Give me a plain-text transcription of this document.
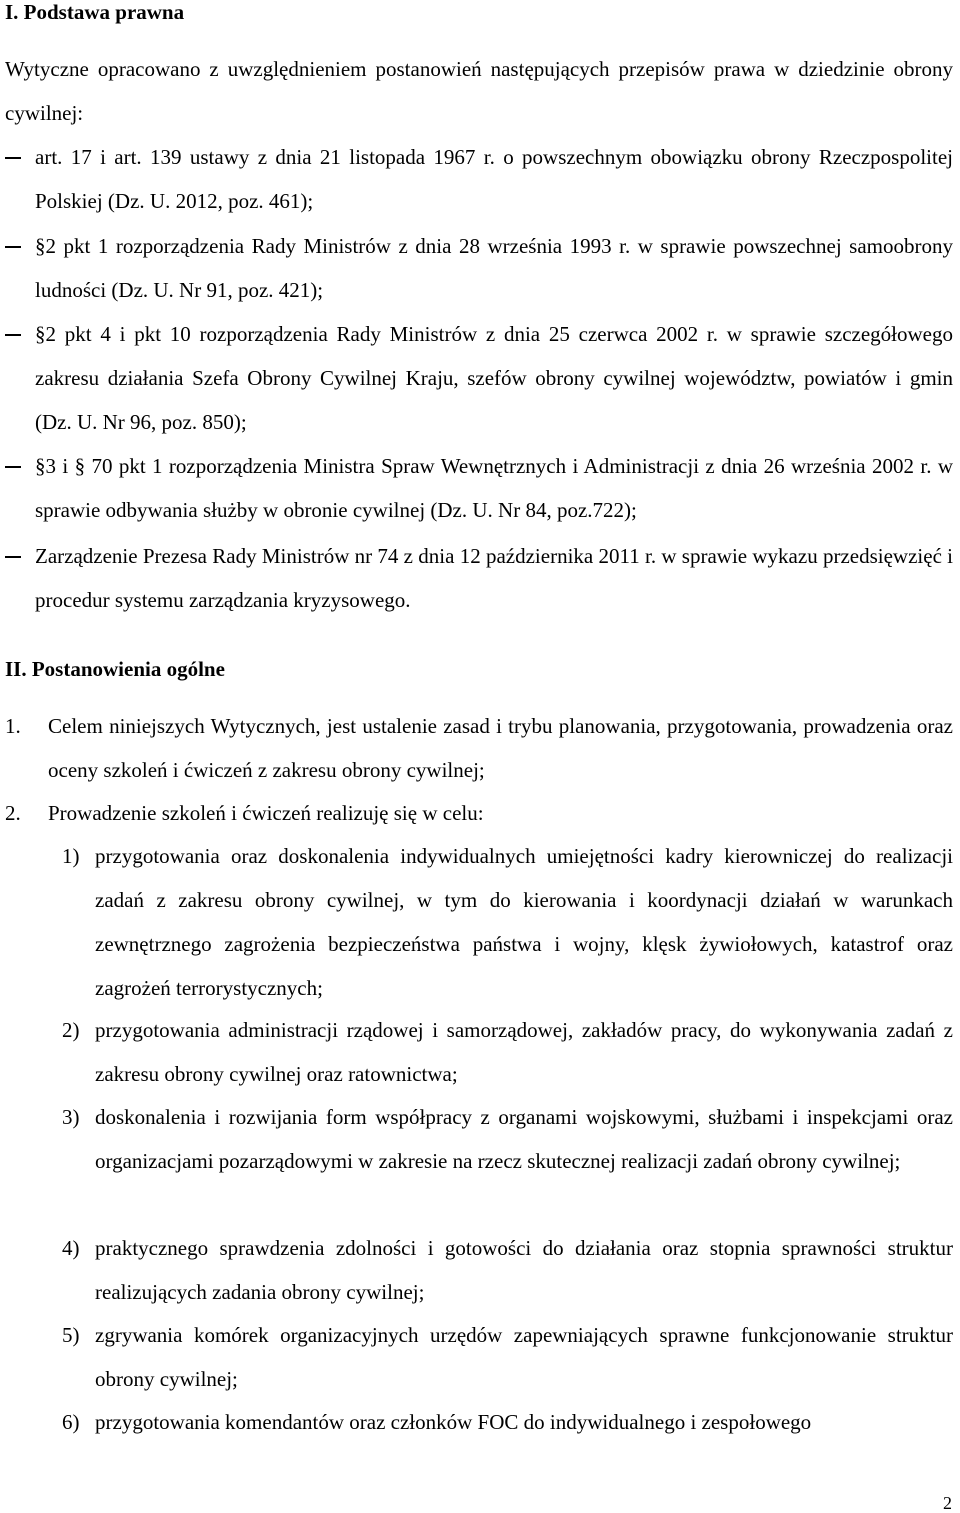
I. Podstawa prawna
Wytyczne opracowano z uwzględnieniem postanowień następujących przepisów prawa w dziedzinie obrony cywilnej:
art. 17 i art. 139 ustawy z dnia 21 listopada 1967 r. o powszechnym obowiązku obrony Rzeczpospolitej Polskiej (Dz. U. 2012, poz. 461);
§2 pkt 1 rozporządzenia Rady Ministrów z dnia 28 września 1993 r. w sprawie powszechnej samoobrony ludności (Dz. U. Nr 91, poz. 421);
§2 pkt 4 i pkt 10 rozporządzenia Rady Ministrów z dnia 25 czerwca 2002 r. w sprawie szczegółowego zakresu działania Szefa Obrony Cywilnej Kraju, szefów obrony cywilnej województw, powiatów i gmin (Dz. U. Nr 96, poz. 850);
§3 i § 70 pkt 1 rozporządzenia Ministra Spraw Wewnętrznych i Administracji z dnia 26 września 2002 r. w sprawie odbywania służby w obronie cywilnej (Dz. U. Nr 84, poz.722);
Zarządzenie Prezesa Rady Ministrów nr 74 z dnia 12 października 2011 r. w sprawie wykazu przedsięwzięć i procedur systemu zarządzania kryzysowego.
II. Postanowienia ogólne
1. Celem niniejszych Wytycznych, jest ustalenie zasad i trybu planowania, przygotowania, prowadzenia oraz oceny szkoleń i ćwiczeń z zakresu obrony cywilnej;
2. Prowadzenie szkoleń i ćwiczeń realizuję się w celu:
1) przygotowania oraz doskonalenia indywidualnych umiejętności kadry kierowniczej do realizacji zadań z zakresu obrony cywilnej, w tym do kierowania i koordynacji działań w warunkach zewnętrznego zagrożenia bezpieczeństwa państwa i wojny, klęsk żywiołowych, katastrof oraz zagrożeń terrorystycznych;
2) przygotowania administracji rządowej i samorządowej, zakładów pracy, do wykonywania zadań z zakresu obrony cywilnej oraz ratownictwa;
3) doskonalenia i rozwijania form współpracy z organami wojskowymi, służbami i inspekcjami oraz organizacjami pozarządowymi w zakresie na rzecz skutecznej realizacji zadań obrony cywilnej;
4) praktycznego sprawdzenia zdolności i gotowości do działania oraz stopnia sprawności struktur realizujących zadania obrony cywilnej;
5) zgrywania komórek organizacyjnych urzędów zapewniających sprawne funkcjonowanie struktur obrony cywilnej;
6) przygotowania komendantów oraz członków FOC do indywidualnego i zespołowego
2
